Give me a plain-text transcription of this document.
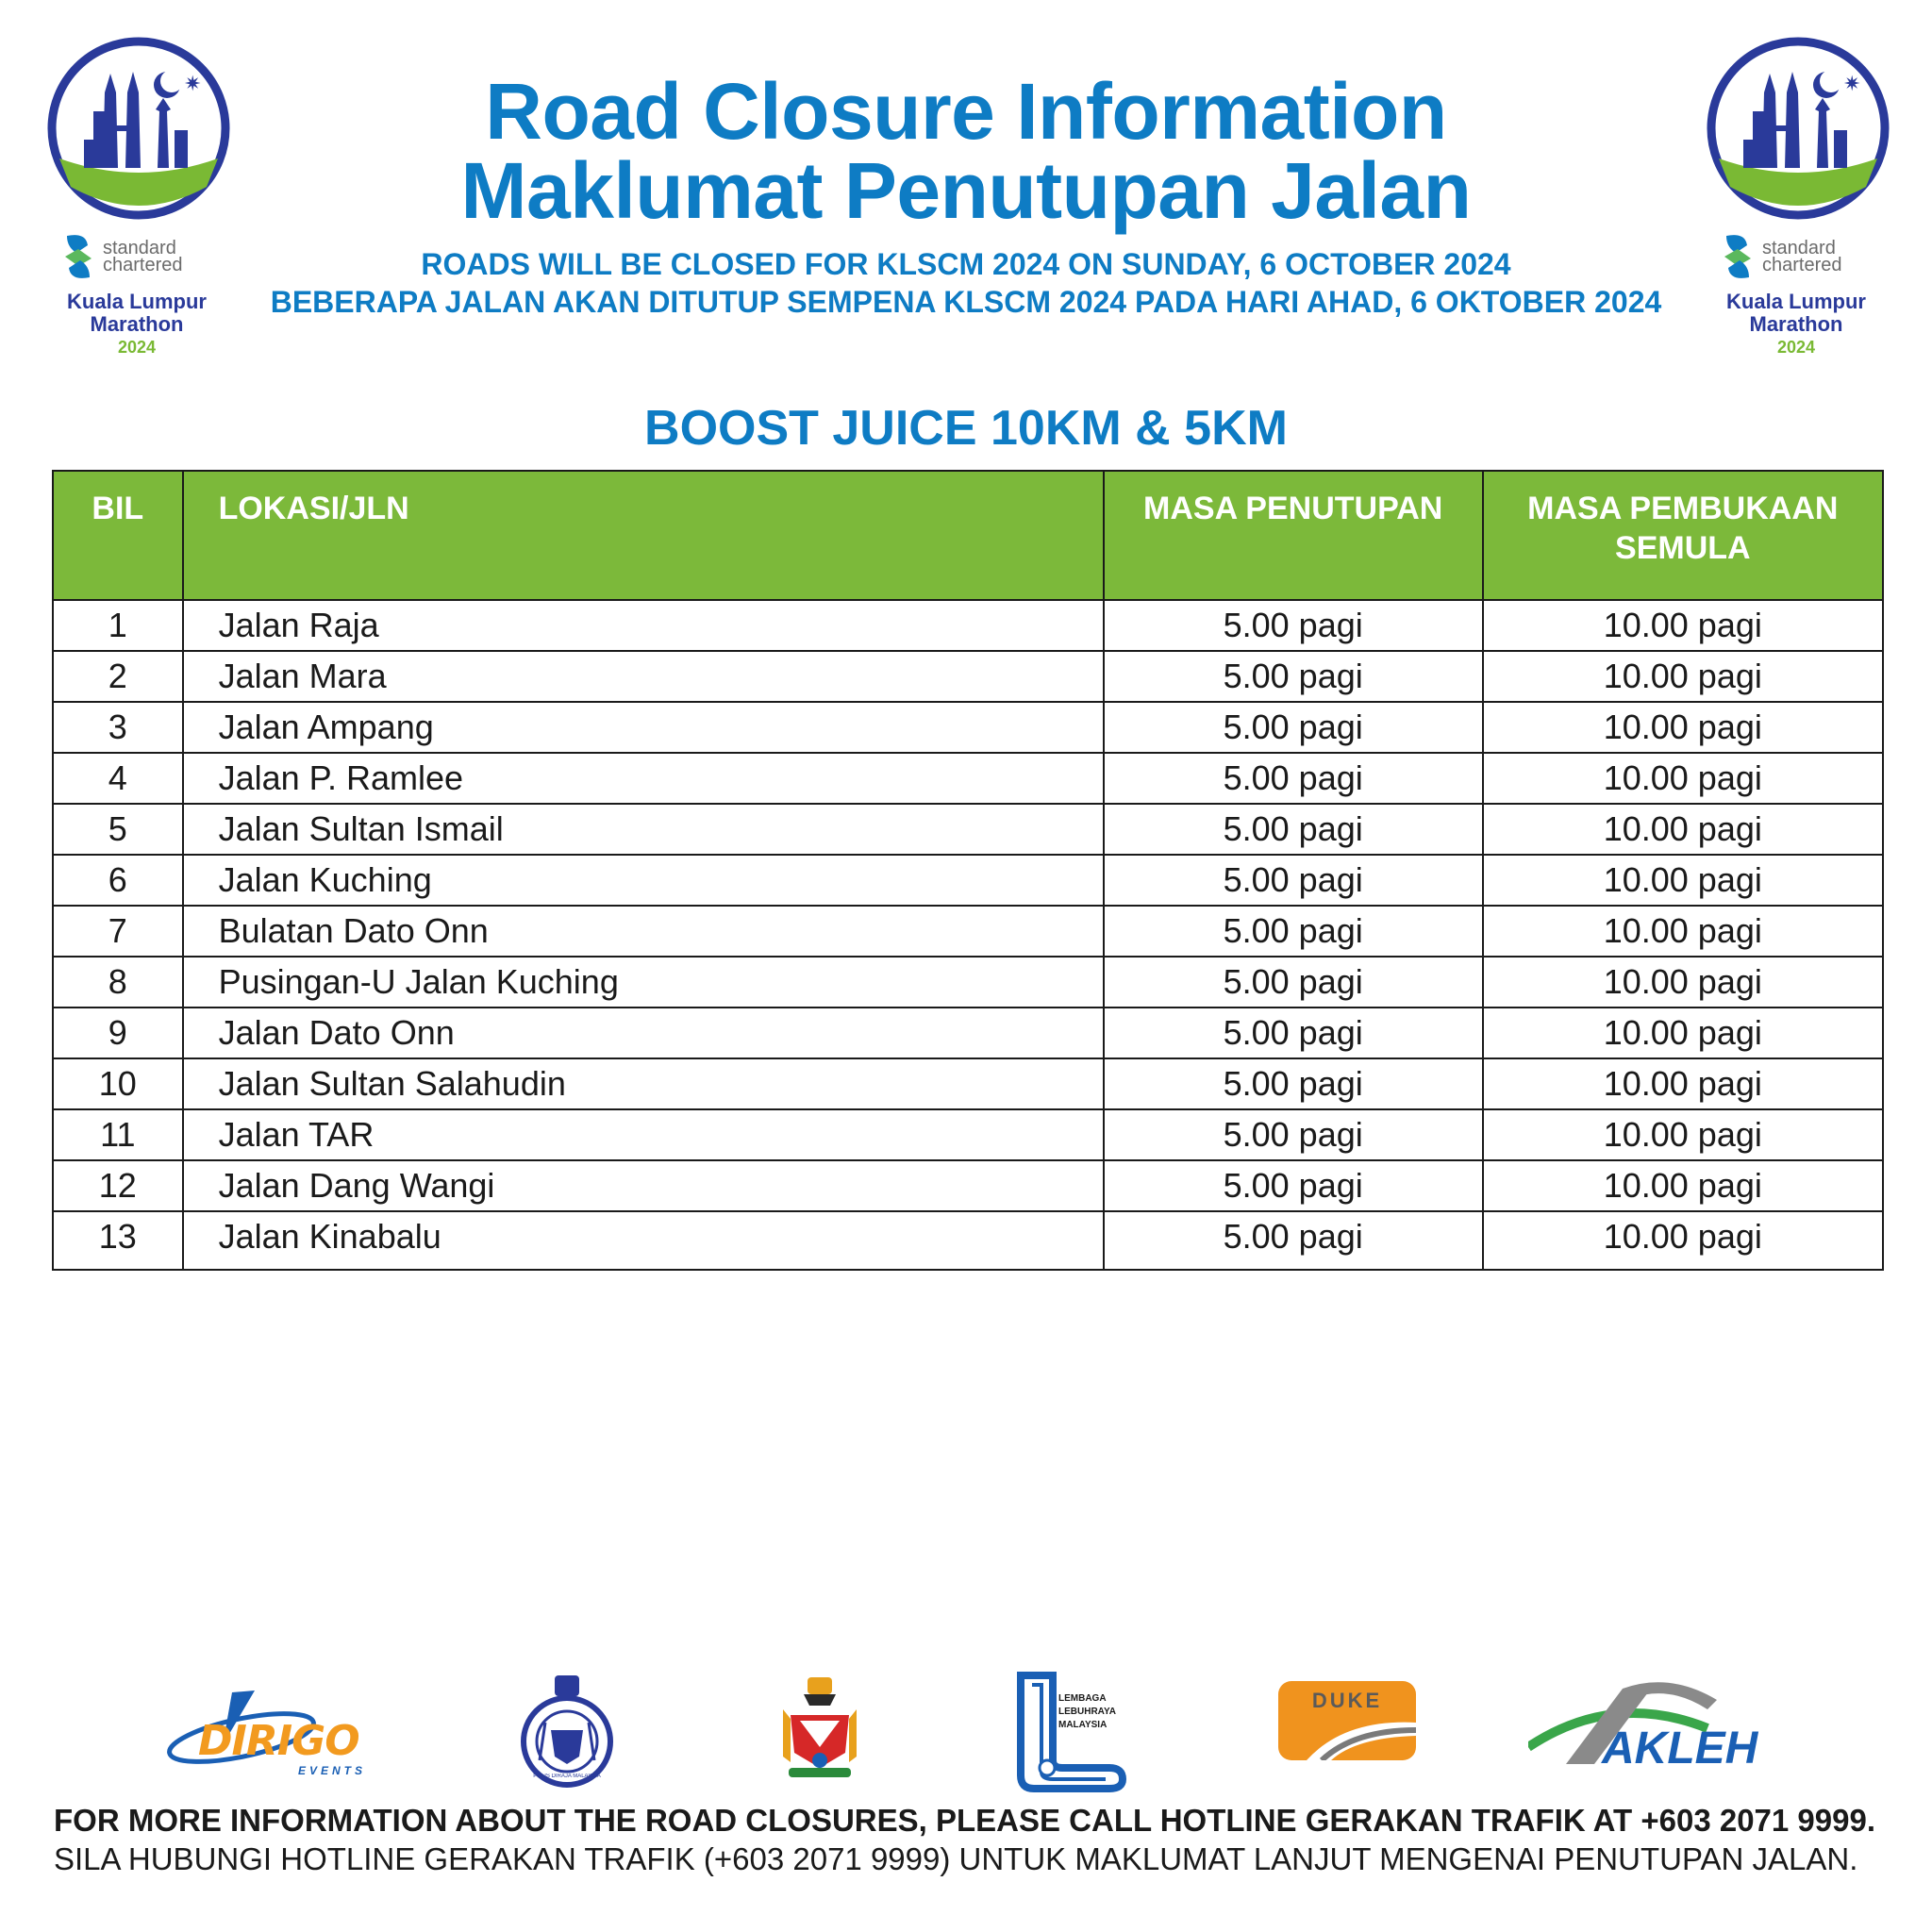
✷
standard
chartered
Kuala Lumpur
Marathon
2024
✷
standard
chartered
Kuala Lumpur
Marathon
2024
Road Closure Information
Maklumat Penutupan Jalan
ROADS WILL BE CLOSED FOR KLSCM 2024 ON SUNDAY, 6 OCTOBER 2024
BEBERAPA JALAN AKAN DITUTUP SEMPENA KLSCM 2024 PADA HARI AHAD, 6 OKTOBER 2024
BOOST JUICE 10KM & 5KM
BIL	LOKASI/JLN	MASA PENUTUPAN	MASA PEMBUKAAN SEMULA
1	Jalan Raja	5.00 pagi	10.00 pagi
2	Jalan Mara	5.00 pagi	10.00 pagi
3	Jalan Ampang	5.00 pagi	10.00 pagi
4	Jalan P. Ramlee	5.00 pagi	10.00 pagi
5	Jalan Sultan Ismail	5.00 pagi	10.00 pagi
6	Jalan Kuching	5.00 pagi	10.00 pagi
7	Bulatan Dato Onn	5.00 pagi	10.00 pagi
8	Pusingan-U Jalan Kuching	5.00 pagi	10.00 pagi
9	Jalan Dato Onn	5.00 pagi	10.00 pagi
10	Jalan Sultan Salahudin	5.00 pagi	10.00 pagi
11	Jalan TAR	5.00 pagi	10.00 pagi
12	Jalan Dang Wangi	5.00 pagi	10.00 pagi
13	Jalan Kinabalu	5.00 pagi	10.00 pagi
DIRIGO
EVENTS	POLIS DIRAJA MALAYSIA
LEMBAGA
LEBUHRAYA
MALAYSIA
DUKE
AKLEH
FOR MORE INFORMATION ABOUT THE ROAD CLOSURES, PLEASE CALL HOTLINE GERAKAN TRAFIK AT +603 2071 9999.
SILA HUBUNGI HOTLINE GERAKAN TRAFIK (+603 2071 9999) UNTUK MAKLUMAT LANJUT MENGENAI PENUTUPAN JALAN.
